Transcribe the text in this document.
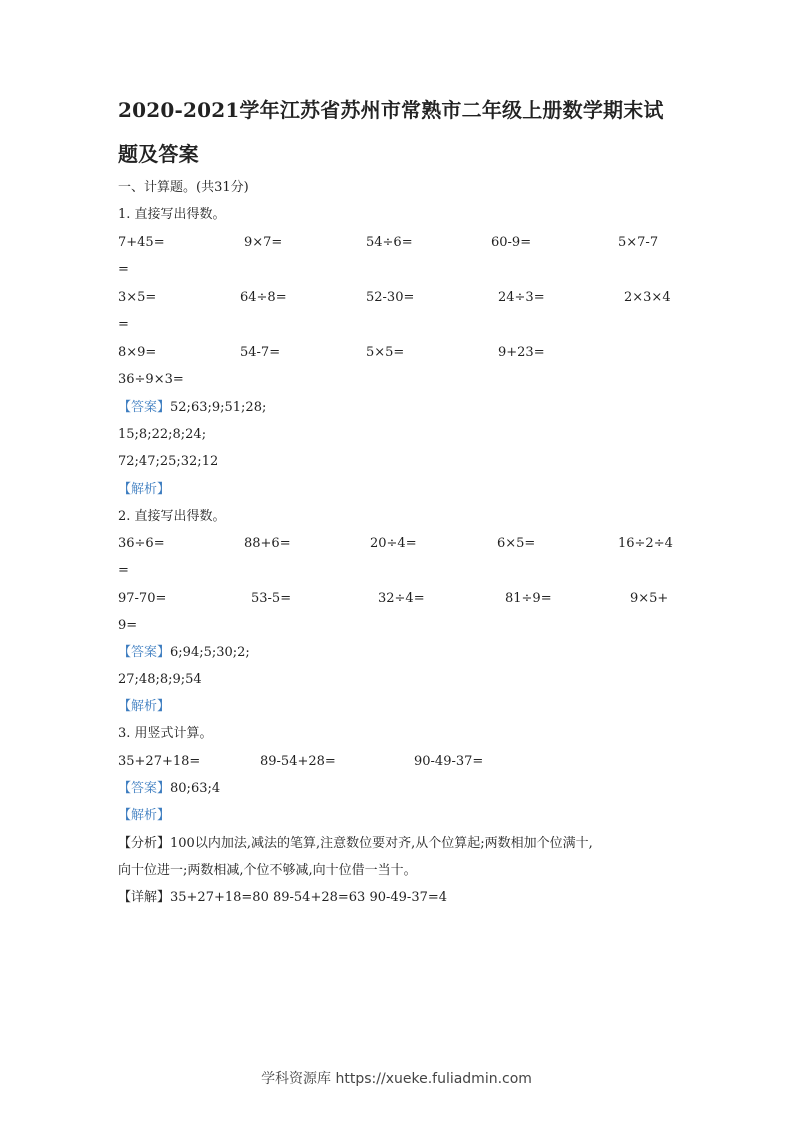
2020-2021学年江苏省苏州市常熟市二年级上册数学期末试
题及答案
一、计算题。(共31分)
1. 直接写出得数。
7+45=	9×7=	54÷6=	60-9=	5×7-7
=
3×5=	64÷8=	52-30=	24÷3=	2×3×4
=
8×9=	54-7=	5×5=	9+23=
36÷9×3=
【答案】52;63;9;51;28;
15;8;22;8;24;
72;47;25;32;12
【解析】
2. 直接写出得数。
36÷6=	88+6=	20÷4=	6×5=	16÷2÷4
=
97-70=	53-5=	32÷4=	81÷9=	9×5+
9=
【答案】6;94;5;30;2;
27;48;8;9;54
【解析】
3. 用竖式计算。
35+27+18=	89-54+28=	90-49-37=
【答案】80;63;4
【解析】
【分析】100以内加法,减法的笔算,注意数位要对齐,从个位算起;两数相加个位满十,
向十位进一;两数相减,个位不够减,向十位借一当十。
【详解】35+27+18=80 89-54+28=63 90-49-37=4
学科资源库 https://xueke.fuliadmin.com
